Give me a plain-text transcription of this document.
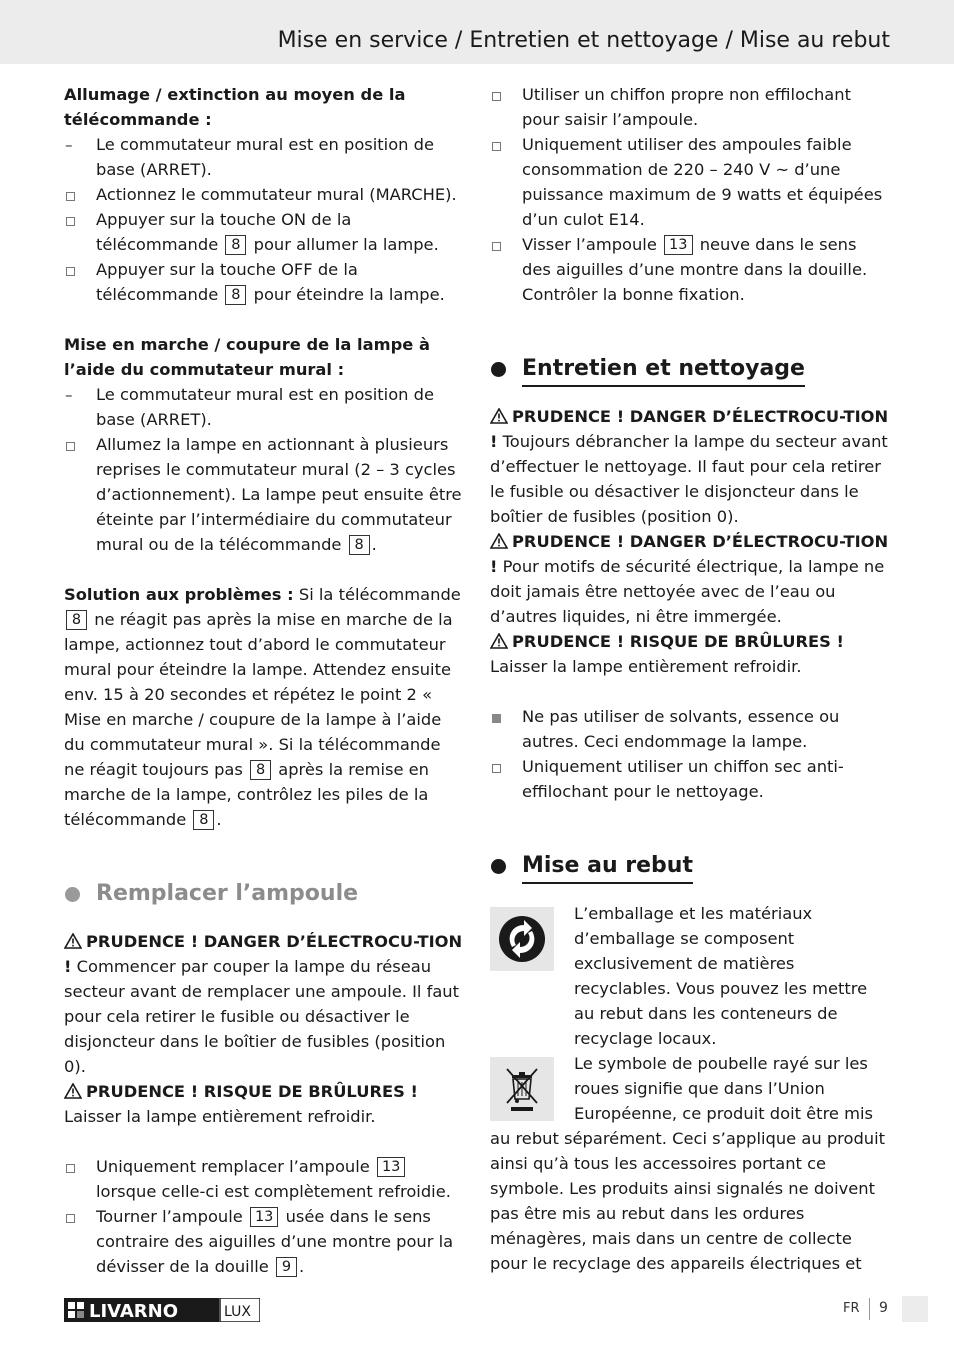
Mise en service / Entretien et nettoyage / Mise au rebut

Allumage / extinction au moyen de la télécommande :

–	Le commutateur mural est en position de base (ARRET).
Actionnez le commutateur mural (MARCHE).
Appuyer sur la touche ON de la télécommande 8 pour allumer la lampe.
Appuyer sur la touche OFF de la télécommande 8 pour éteindre la lampe.

Mise en marche / coupure de la lampe à l’aide du commutateur mural :

–	Le commutateur mural est en position de base (ARRET).
Allumez la lampe en actionnant à plusieurs reprises le commutateur mural (2 – 3 cycles d’actionnement). La lampe peut ensuite être éteinte par l’intermédiaire du commutateur mural ou de la télécommande 8 .

Solution aux problèmes : Si la télécommande 8 ne réagit pas après la mise en marche de la lampe, actionnez tout d’abord le commutateur mural pour éteindre la lampe. Attendez ensuite env. 15 à 20 secondes et répétez le point 2 « Mise en marche / coupure de la lampe à l’aide du commutateur mural ». Si la télécommande ne réagit toujours pas 8 après la remise en marche de la lampe, contrôlez les piles de la télécommande 8 .

Remplacer l’ampoule

PRUDENCE ! DANGER D’ÉLECTROCU-TION ! Commencer par couper la lampe du réseau secteur avant de remplacer une ampoule. Il faut pour cela retirer le fusible ou désactiver le disjoncteur dans le boîtier de fusibles (position 0).

PRUDENCE ! RISQUE DE BRÛLURES !
Laisser la lampe entièrement refroidir.

Uniquement remplacer l’ampoule 13 lorsque celle-ci est complètement refroidie.
Tourner l’ampoule 13 usée dans le sens contraire des aiguilles d’une montre pour la dévisser de la douille 9 .
Utiliser un chiffon propre non effilochant pour saisir l’ampoule.
Uniquement utiliser des ampoules faible consommation de 220 – 240 V ~ d’une puissance maximum de 9 watts et équipées d’un culot E14.
Visser l’ampoule 13 neuve dans le sens des aiguilles d’une montre dans la douille. Contrôler la bonne fixation.
Entretien et nettoyage

PRUDENCE ! DANGER D’ÉLECTROCU-TION ! Toujours débrancher la lampe du secteur avant d’effectuer le nettoyage. Il faut pour cela retirer le fusible ou désactiver le disjoncteur dans le boîtier de fusibles (position 0).

PRUDENCE ! DANGER D’ÉLECTROCU-TION ! Pour motifs de sécurité électrique, la lampe ne doit jamais être nettoyée avec de l’eau ou d’autres liquides, ni être immergée.

PRUDENCE ! RISQUE DE BRÛLURES !
Laisser la lampe entièrement refroidir.

Ne pas utiliser de solvants, essence ou autres. Ceci endommage la lampe.
Uniquement utiliser un chiffon sec anti-effilochant pour le nettoyage.
Mise au rebut

L’emballage et les matériaux d’emballage se composent exclusivement de matières recyclables. Vous pouvez les mettre au rebut dans les conteneurs de recyclage locaux.

Le symbole de poubelle rayé sur les roues signifie que dans l’Union Européenne, ce produit doit être mis au rebut séparément. Ceci s’applique au produit ainsi qu’à tous les accessoires portant ce symbole. Les produits ainsi signalés ne doivent pas être mis au rebut dans les ordures ménagères, mais dans un centre de collecte pour le recyclage des appareils électriques et

LIVARNO	LUX	FR 9
